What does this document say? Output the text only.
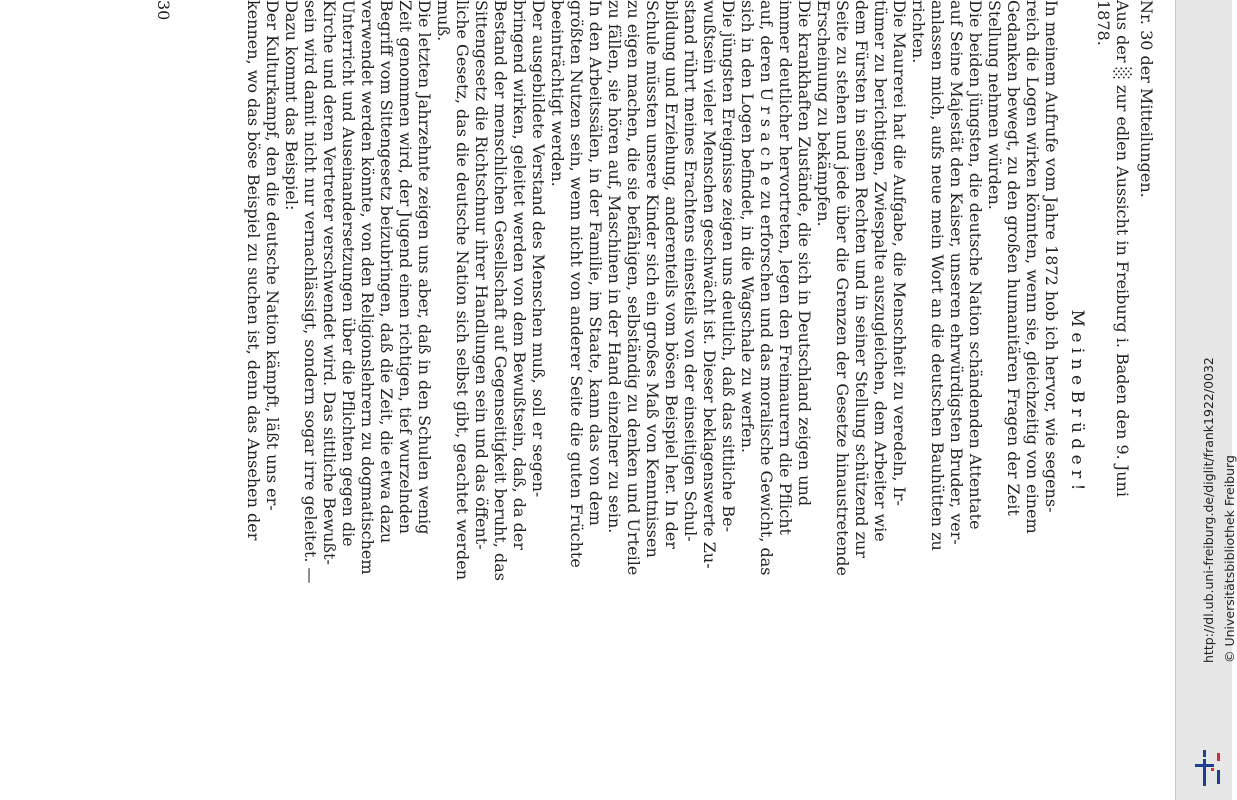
Nr. 30 der Mitteilungen.
Aus der ░ zur edlen Aussicht in Freiburg i. Baden den 9. Juni
1878.
M e i n e B r ü d e r !
In meinem Aufrufe vom Jahre 1872 hob ich hervor, wie segens-
reich die Logen wirken könnten, wenn sie, gleichzeitig von einem
Gedanken bewegt, zu den großen humanitären Fragen der Zeit
Stellung nehmen würden.
Die beiden jüngsten, die deutsche Nation schändenden Attentate
auf Seine Majestät den Kaiser, unseren ehrwürdigsten Bruder, ver-
anlassen mich, aufs neue mein Wort an die deutschen Bauhütten zu
richten.
Die Maurerei hat die Aufgabe, die Menschheit zu veredeln, Ir-
tümer zu berichtigen, Zwiespalte auszugleichen, dem Arbeiter wie
dem Fürsten in seinen Rechten und in seiner Stellung schützend zur
Seite zu stehen und jede über die Grenzen der Gesetze hinaustretende
Erscheinung zu bekämpfen.
Die krankhaften Zustände, die sich in Deutschland zeigen und
immer deutlicher hervortreten, legen den Freimaurern die Pflicht
auf, deren U r s a c h e zu erforschen und das moralische Gewicht, das
sich in den Logen befindet, in die Wagschale zu werfen.
Die jüngsten Ereignisse zeigen uns deutlich, daß das sittliche Be-
wußtsein vieler Menschen geschwächt ist. Dieser beklagenswerte Zu-
stand rührt meines Erachtens einesteils von der einseitigen Schul-
bildung und Erziehung, anderenteils vom bösen Beispiel her. In der
Schule müssten unsere Kinder sich ein großes Maß von Kenntnissen
zu eigen machen, die sie befähigen, selbständig zu denken und Urteile
zu fällen, sie hören auf, Maschinen in der Hand einzelner zu sein.
In den Arbeitssälen, in der Familie, im Staate, kann das von dem
größten Nutzen sein, wenn nicht von anderer Seite die guten Früchte
beeinträchtigt werden.
Der ausgebildete Verstand des Menschen muß, soll er segen-
bringend wirken, geleitet werden von dem Bewußtsein, daß, da der
Bestand der menschlichen Gesellschaft auf Gegenseitigkeit beruht, das
Sittengesetz die Richtschnur ihrer Handlungen sein und das öffent-
liche Gesetz, das die deutsche Nation sich selbst gibt, geachtet werden
muß.
Die letzten Jahrzehnte zeigen uns aber, daß in den Schulen wenig
Zeit genommen wird, der Jugend einen richtigen, tief wurzelnden
Begriff vom Sittengesetz beizubringen, daß die Zeit, die etwa dazu
verwendet werden könnte, von den Religionslehrern zu dogmatischem
Unterricht und Auseinandersetzungen über die Pflichten gegen die
Kirche und deren Vertreter verschwendet wird. Das sittliche Bewußt-
sein wird damit nicht nur vernachlässigt, sondern sogar irre geleitet. —
Dazu kommt das Beispiel:
Der Kulturkampf, den die deutsche Nation kämpft, läßt uns er-
kennen, wo das böse Beispiel zu suchen ist, denn das Ansehen der
30
http://dl.ub.uni-freiburg.de/diglit/frank1922/0032 © Universitätsbibliothek Freiburg
